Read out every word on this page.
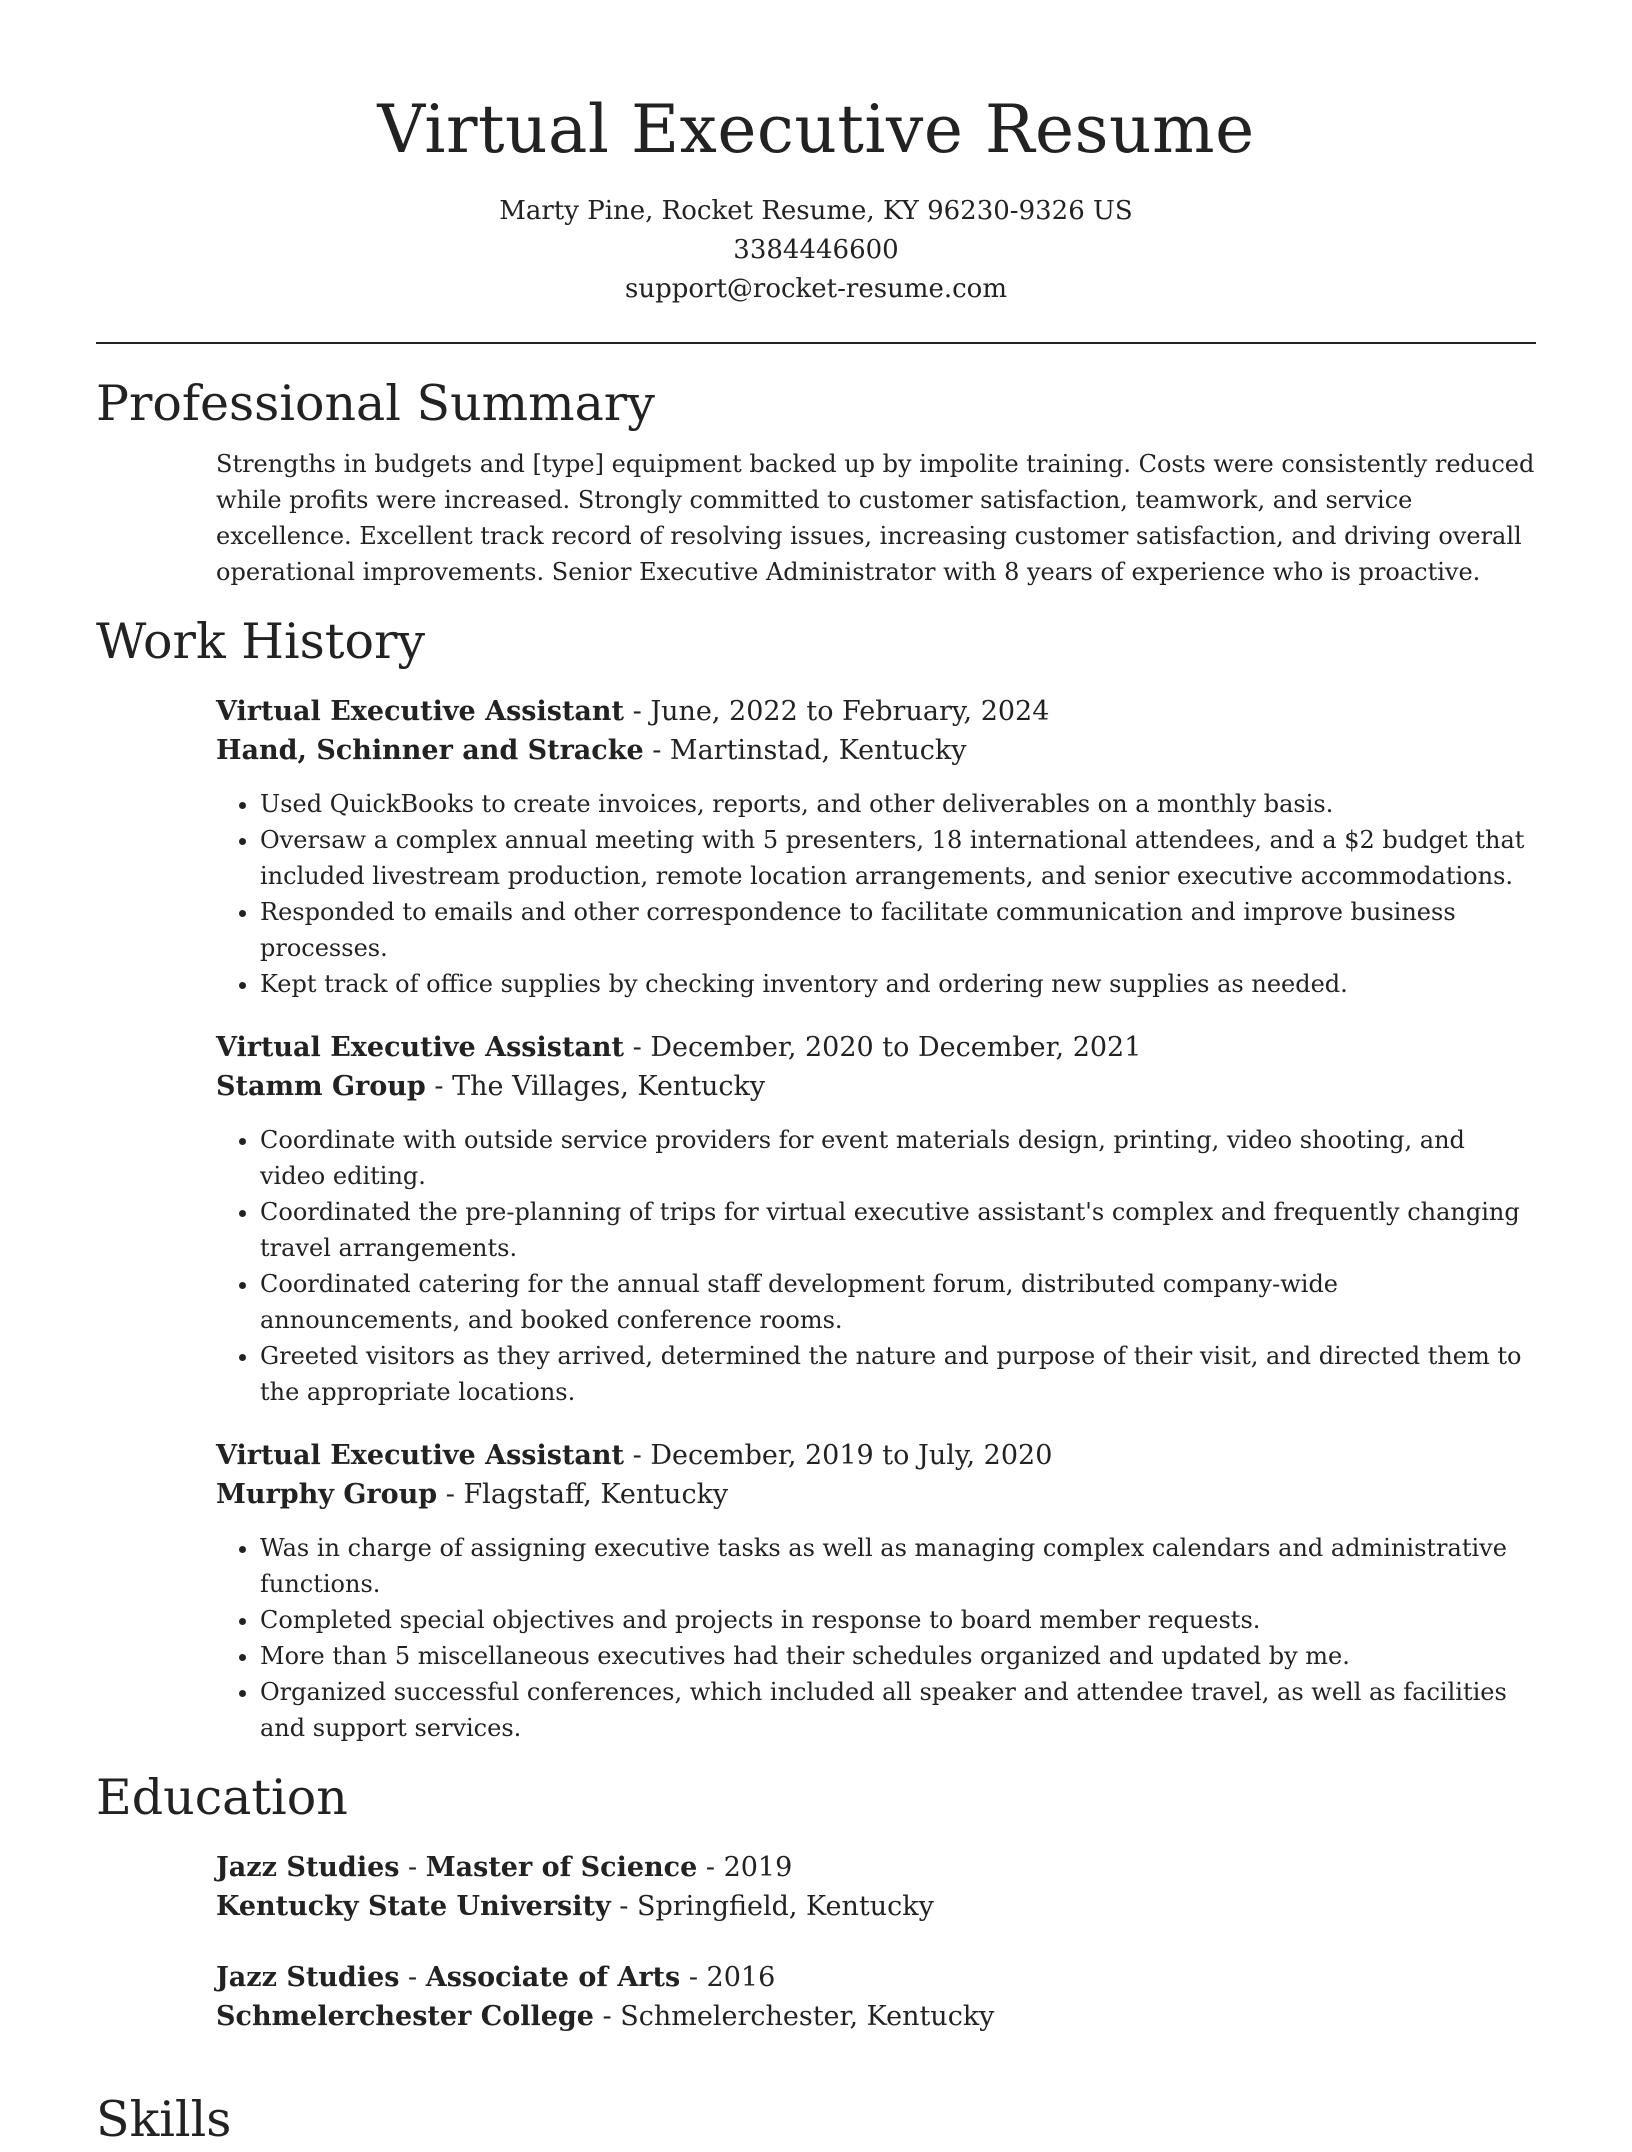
Virtual Executive Resume
Marty Pine, Rocket Resume, KY 96230-9326 US
3384446600
support@rocket-resume.com
Professional Summary
Strengths in budgets and [type] equipment backed up by impolite training. Costs were consistently reduced while profits were increased. Strongly committed to customer satisfaction, teamwork, and service excellence. Excellent track record of resolving issues, increasing customer satisfaction, and driving overall operational improvements. Senior Executive Administrator with 8 years of experience who is proactive.
Work History
Virtual Executive Assistant - June, 2022 to February, 2024
Hand, Schinner and Stracke - Martinstad, Kentucky
• Used QuickBooks to create invoices, reports, and other deliverables on a monthly basis.
• Oversaw a complex annual meeting with 5 presenters, 18 international attendees, and a $2 budget that included livestream production, remote location arrangements, and senior executive accommodations.
• Responded to emails and other correspondence to facilitate communication and improve business processes.
• Kept track of office supplies by checking inventory and ordering new supplies as needed.
Virtual Executive Assistant - December, 2020 to December, 2021
Stamm Group - The Villages, Kentucky
• Coordinate with outside service providers for event materials design, printing, video shooting, and video editing.
• Coordinated the pre-planning of trips for virtual executive assistant's complex and frequently changing travel arrangements.
• Coordinated catering for the annual staff development forum, distributed company-wide announcements, and booked conference rooms.
• Greeted visitors as they arrived, determined the nature and purpose of their visit, and directed them to the appropriate locations.
Virtual Executive Assistant - December, 2019 to July, 2020
Murphy Group - Flagstaff, Kentucky
• Was in charge of assigning executive tasks as well as managing complex calendars and administrative functions.
• Completed special objectives and projects in response to board member requests.
• More than 5 miscellaneous executives had their schedules organized and updated by me.
• Organized successful conferences, which included all speaker and attendee travel, as well as facilities and support services.
Education
Jazz Studies - Master of Science - 2019
Kentucky State University - Springfield, Kentucky
Jazz Studies - Associate of Arts - 2016
Schmelerchester College - Schmelerchester, Kentucky
Skills
